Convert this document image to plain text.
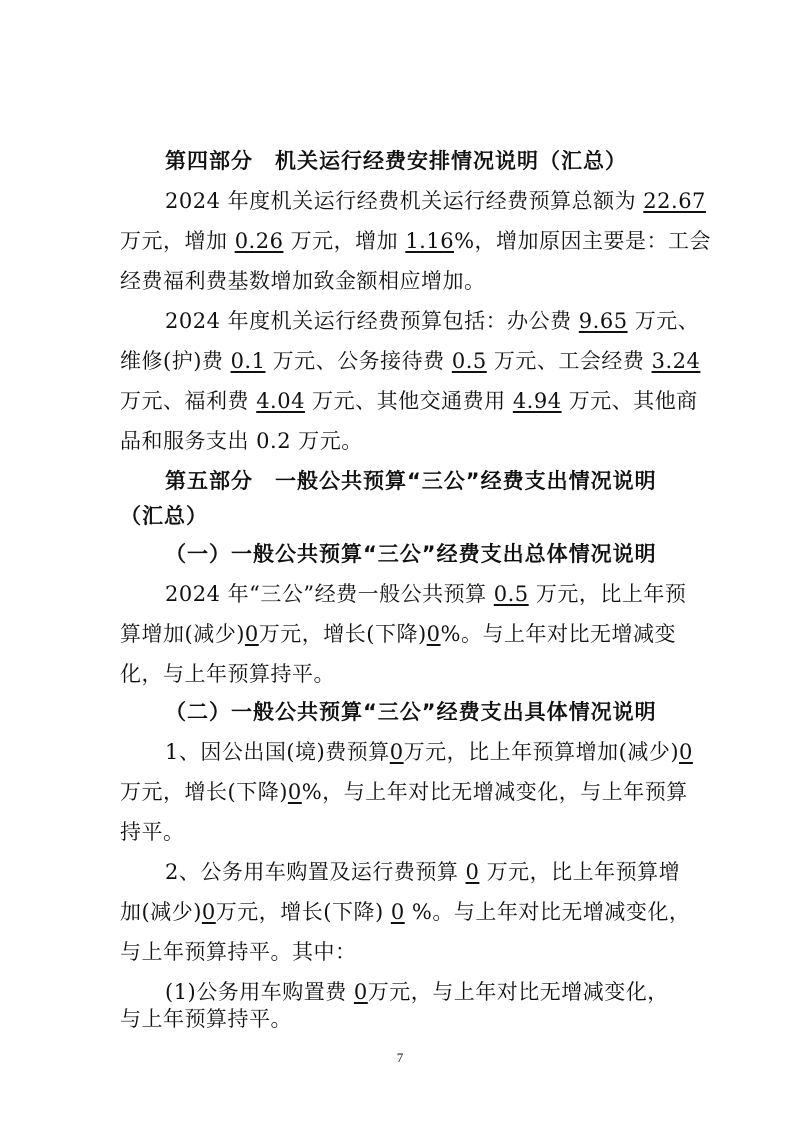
第四部分　机关运行经费安排情况说明（汇总）
2024 年度机关运行经费机关运行经费预算总额为 22.67
万元，增加 0.26 万元，增加 1.16%，增加原因主要是：工会
经费福利费基数增加致金额相应增加。
2024 年度机关运行经费预算包括：办公费 9.65 万元、
维修(护)费 0.1 万元、公务接待费 0.5 万元、工会经费 3.24
万元、福利费 4.04 万元、其他交通费用 4.94 万元、其他商
品和服务支出 0.2 万元。
第五部分　一般公共预算“三公”经费支出情况说明
（汇总）
（一）一般公共预算“三公”经费支出总体情况说明
2024 年“三公”经费一般公共预算 0.5 万元，比上年预
算增加(减少)0万元，增长(下降)0%。与上年对比无增减变
化，与上年预算持平。
（二）一般公共预算“三公”经费支出具体情况说明
1、因公出国(境)费预算0万元，比上年预算增加(减少)0
万元，增长(下降)0%，与上年对比无增减变化，与上年预算
持平。
2、公务用车购置及运行费预算 0 万元，比上年预算增
加(减少)0万元，增长(下降) 0 %。与上年对比无增减变化，
与上年预算持平。其中：
(1)公务用车购置费 0万元，与上年对比无增减变化，
与上年预算持平。
7
